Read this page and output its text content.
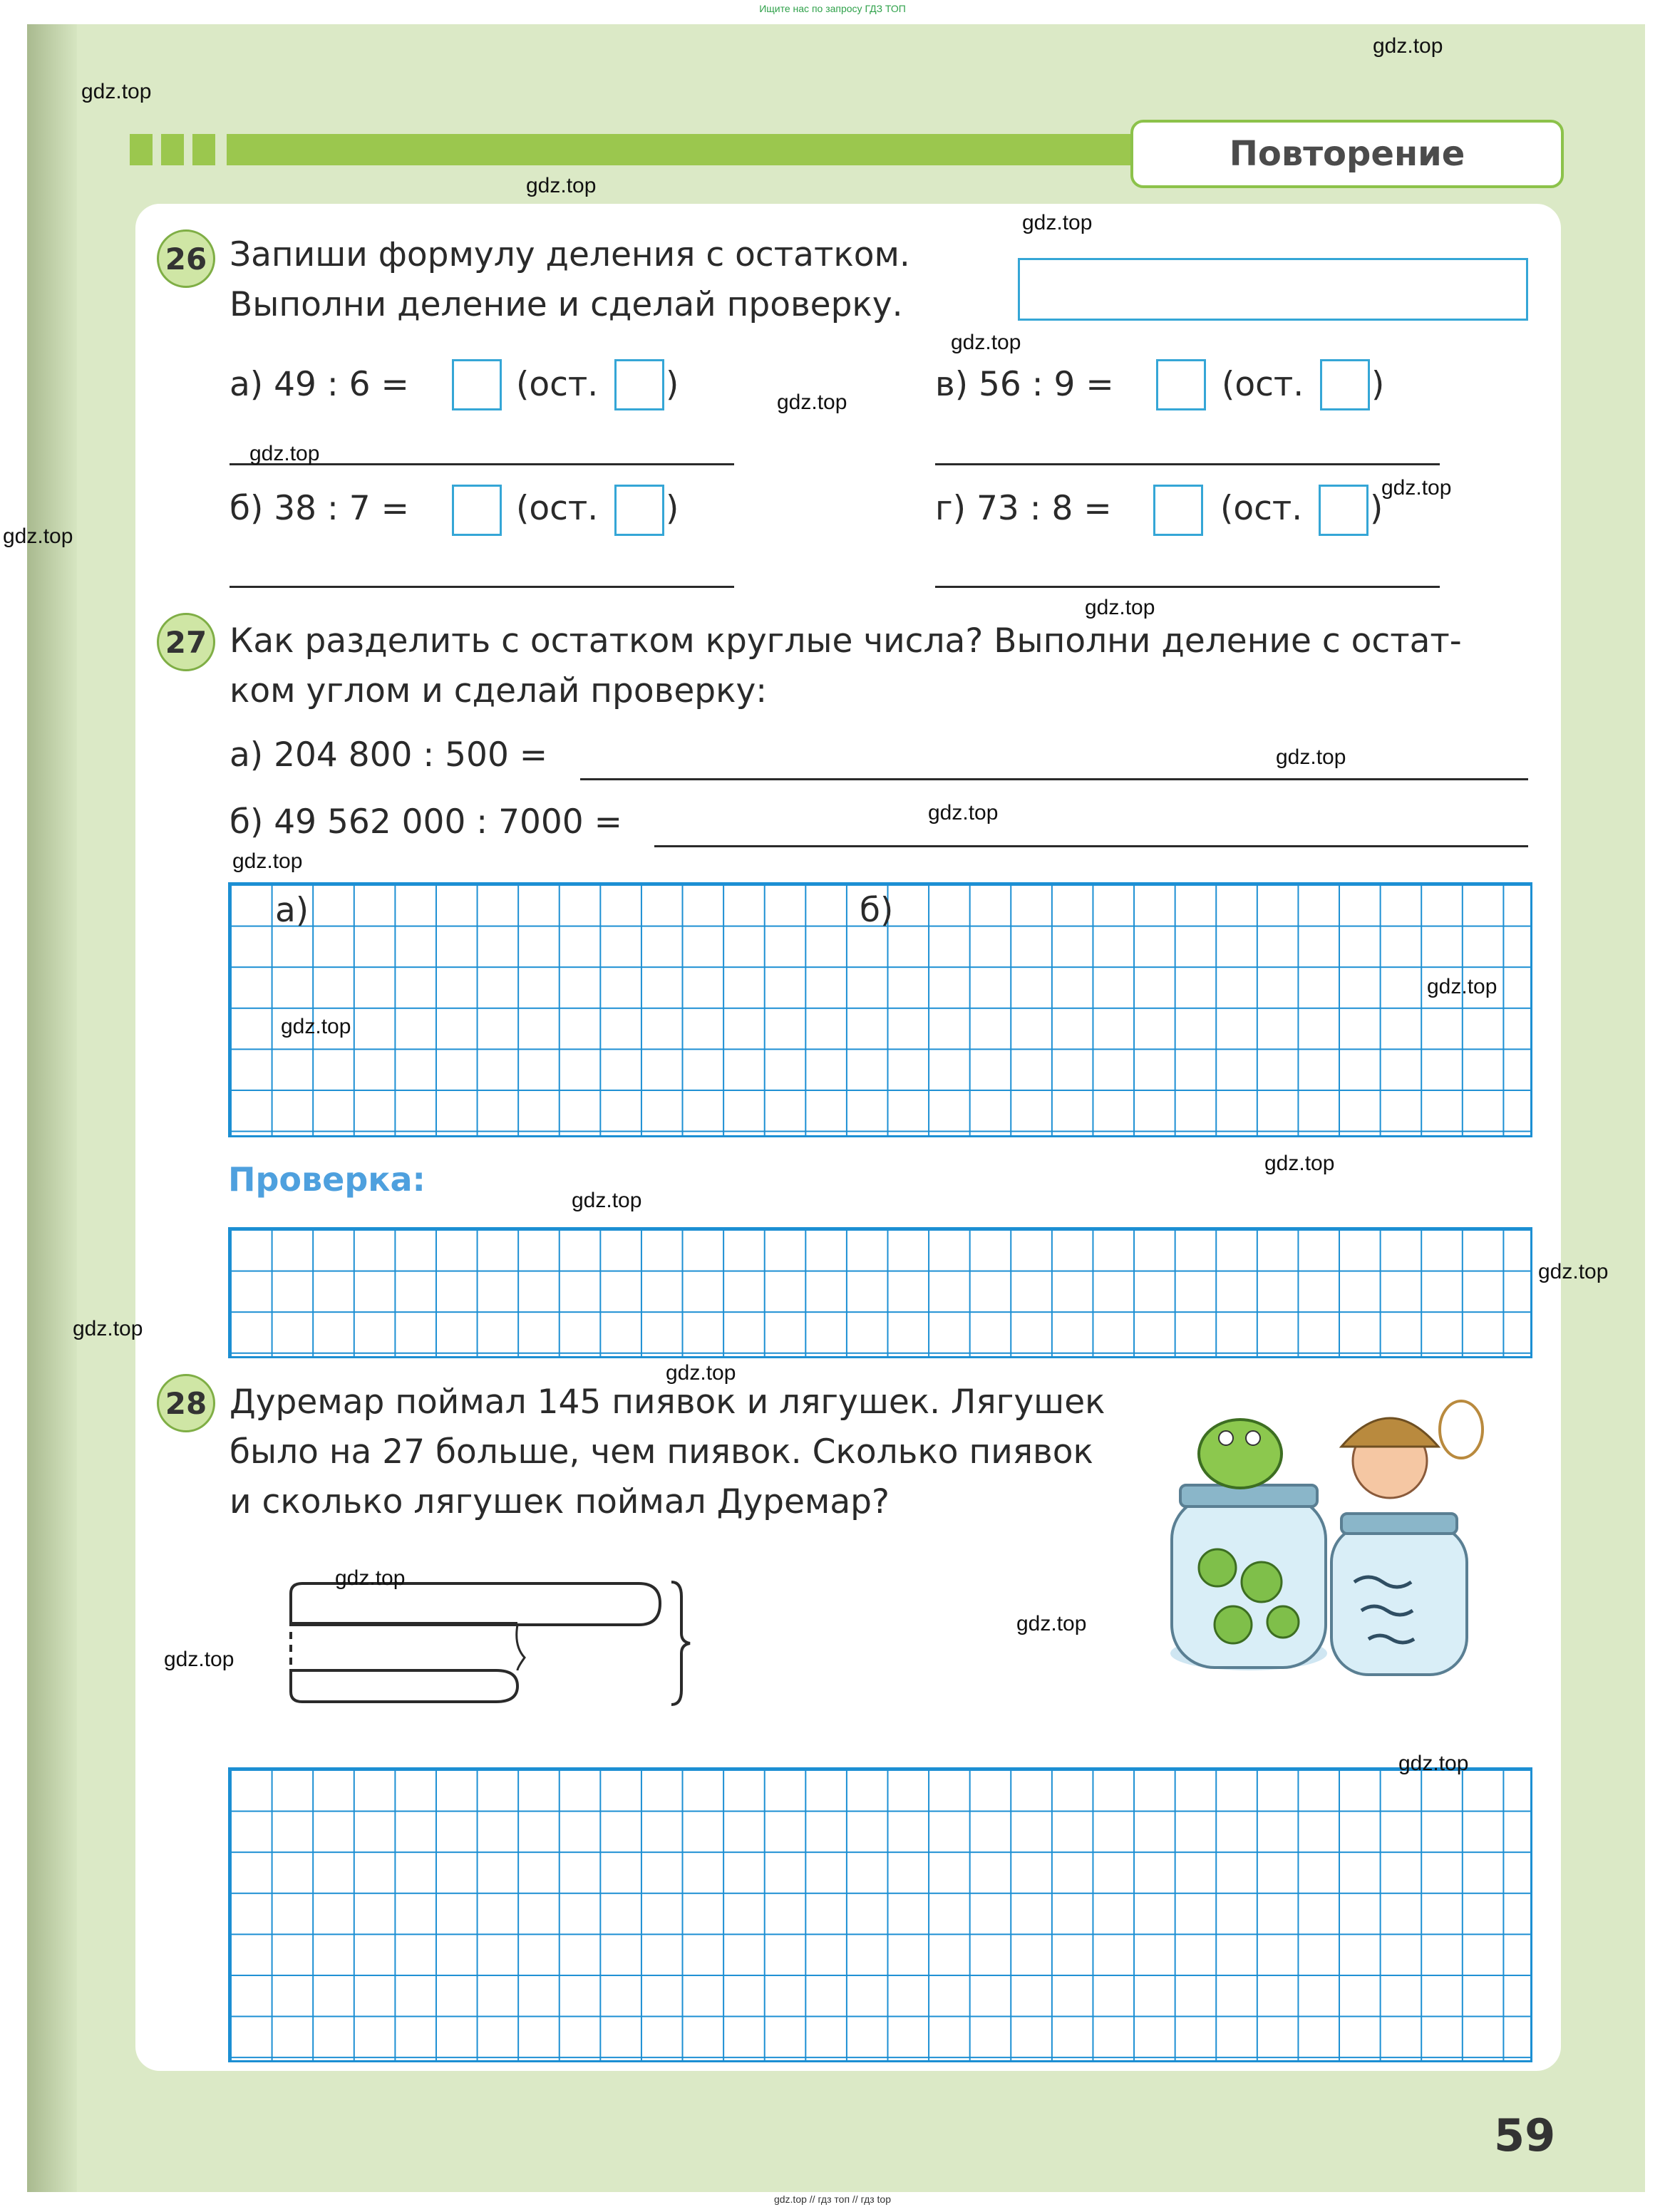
Ищите нас по запросу ГДЗ ТОП
Повторение
26 Запиши формулу деления с остатком.
Выполни деление и сделай проверку.
а) 49 : 6 =	(ост. )	в) 56 : 9 =	(ост. )
б) 38 : 7 =	(ост. )	г) 73 : 8 =	(ост. )
27 Как разделить с остатком круглые числа? Выполни деление с остат-
ком углом и сделай проверку:
а) 204 800 : 500 =
б) 49 562 000 : 7000 =
а)	б)
Проверка:
28 Дуремар поймал 145 пиявок и лягушек. Лягушек
было на 27 больше, чем пиявок. Сколько пиявок
и сколько лягушек поймал Дуремар?
59
gdz.top // гдз топ // гдз top
gdz.top
gdz.top
gdz.top
gdz.top
gdz.top
gdz.top
gdz.top
gdz.top
gdz.top
gdz.top
gdz.top
gdz.top
gdz.top
gdz.top
gdz.top
gdz.top
gdz.top
gdz.top
gdz.top
gdz.top
gdz.top
gdz.top
gdz.top
gdz.top
